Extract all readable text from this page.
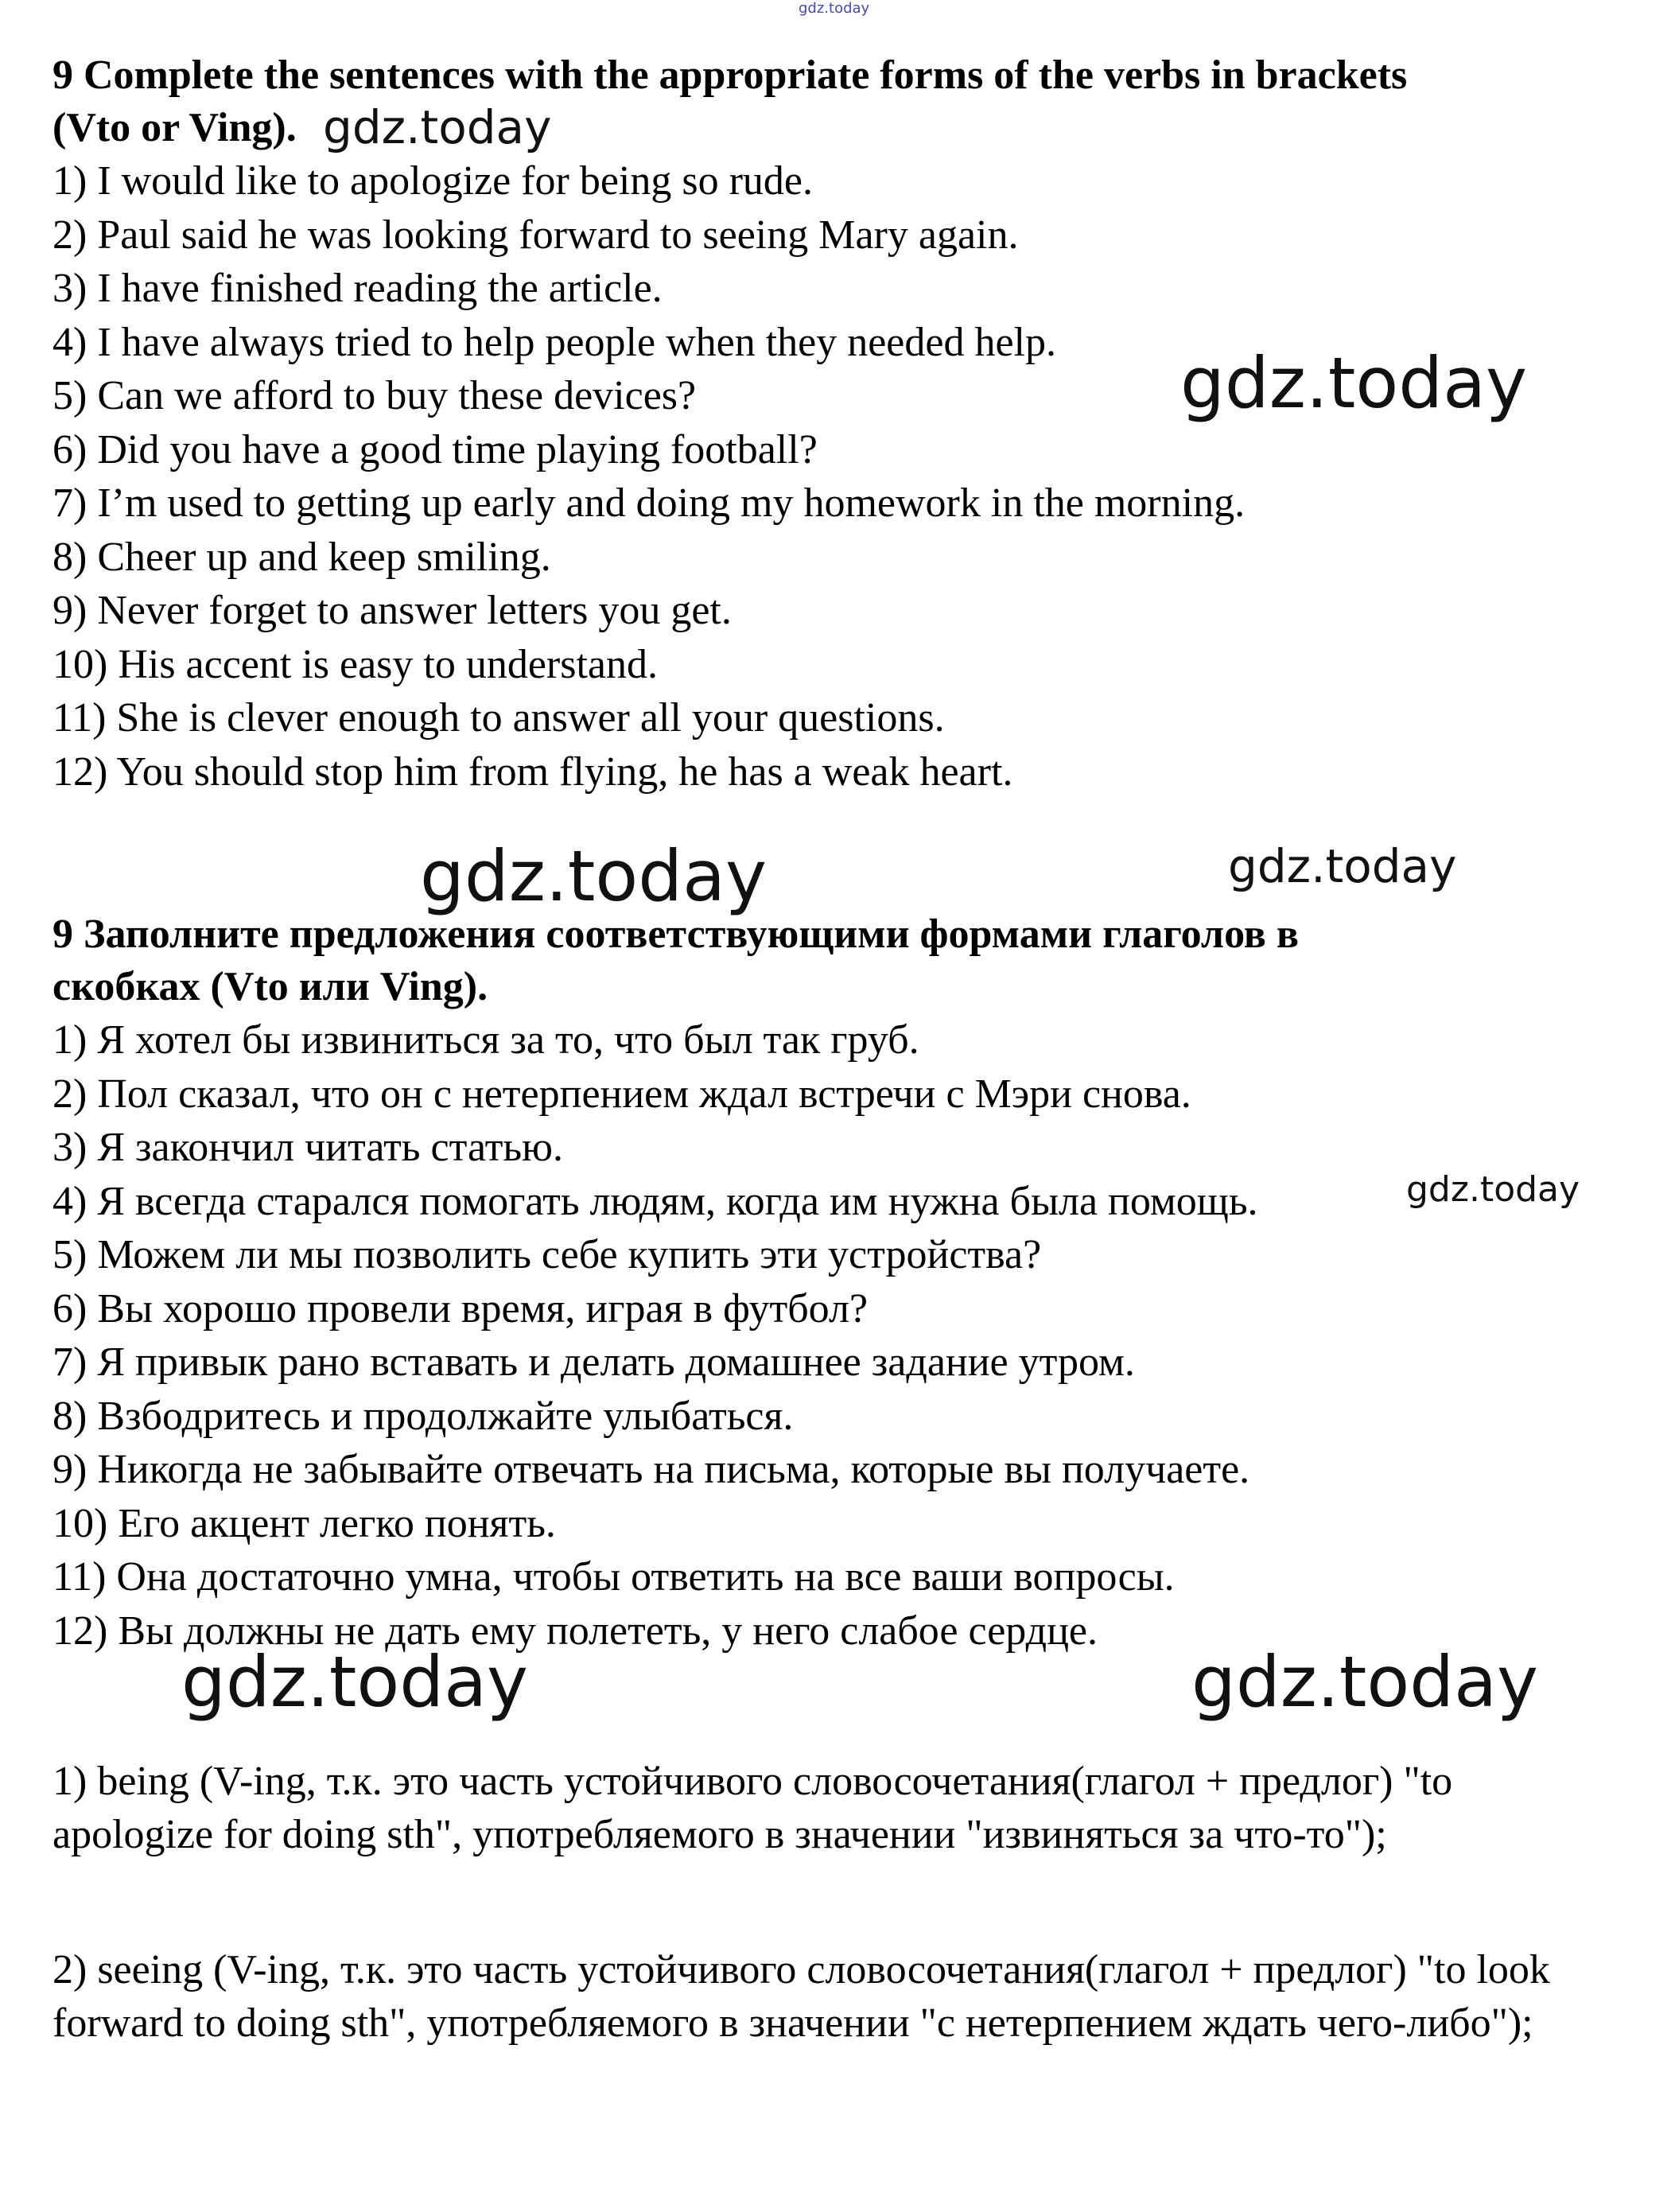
gdz.today

9 Complete the sentences with the appropriate forms of the verbs in brackets

(Vto or Ving).

1) I would like to apologize for being so rude.

2) Paul said he was looking forward to seeing Mary again.

3) I have finished reading the article.

4) I have always tried to help people when they needed help.

5) Can we afford to buy these devices?

6) Did you have a good time playing football?

7) I’m used to getting up early and doing my homework in the morning.

8) Cheer up and keep smiling.

9) Never forget to answer letters you get.

10) His accent is easy to understand.

11) She is clever enough to answer all your questions.

12) You should stop him from flying, he has a weak heart.

9 Заполните предложения соответствующими формами глаголов в

скобках (Vto или Ving).

1) Я хотел бы извиниться за то, что был так груб.

2) Пол сказал, что он с нетерпением ждал встречи с Мэри снова.

3) Я закончил читать статью.

4) Я всегда старался помогать людям, когда им нужна была помощь.

5) Можем ли мы позволить себе купить эти устройства?

6) Вы хорошо провели время, играя в футбол?

7) Я привык рано вставать и делать домашнее задание утром.

8) Взбодритесь и продолжайте улыбаться.

9) Никогда не забывайте отвечать на письма, которые вы получаете.

10) Его акцент легко понять.

11) Она достаточно умна, чтобы ответить на все ваши вопросы.

12) Вы должны не дать ему полететь, у него слабое сердце.

1) being (V-ing, т.к. это часть устойчивого словосочетания(глагол + предлог) "to apologize for doing sth", употребляемого в значении "извиняться за что-то");

2) seeing (V-ing, т.к. это часть устойчивого словосочетания(глагол + предлог) "to look forward to doing sth", употребляемого в значении "с нетерпением ждать чего-либо");

gdz.today
gdz.today
gdz.today	gdz.today
gdz.today
gdz.today	gdz.today
